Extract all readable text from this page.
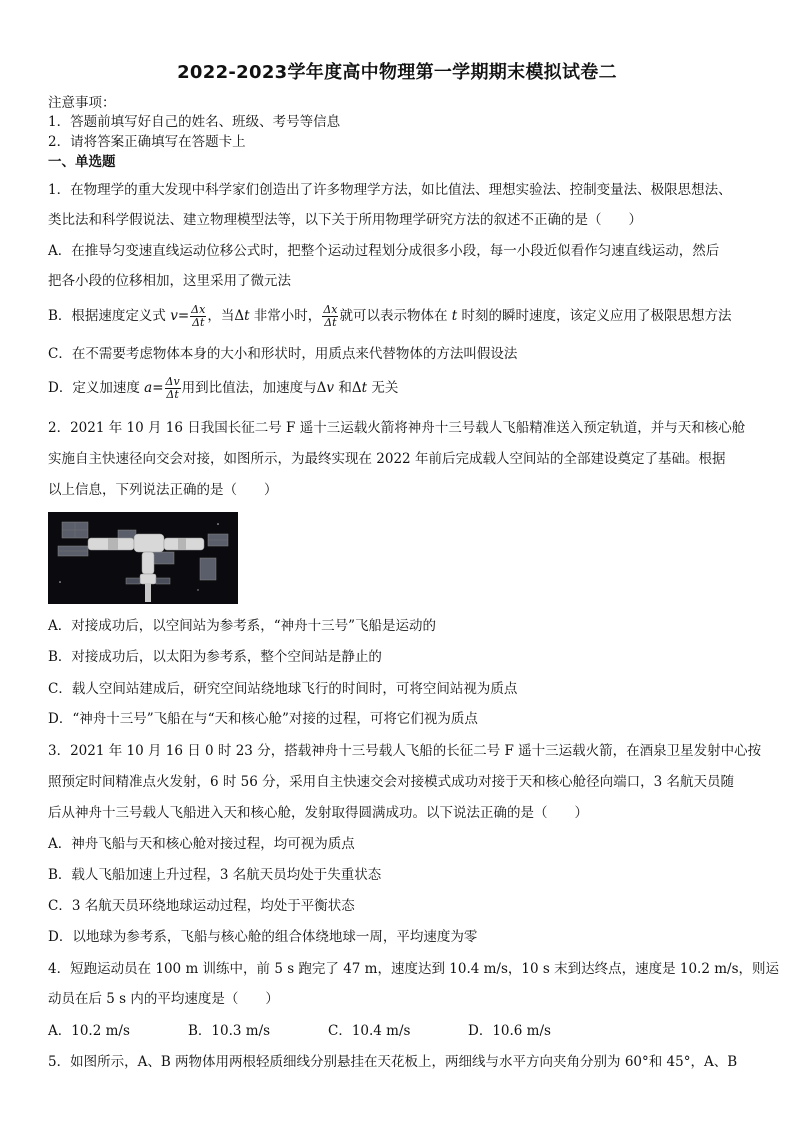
2022-2023学年度高中物理第一学期期末模拟试卷二
注意事项：
1．答题前填写好自己的姓名、班级、考号等信息
2．请将答案正确填写在答题卡上
一、单选题
1．在物理学的重大发现中科学家们创造出了许多物理学方法，如比值法、理想实验法、控制变量法、极限思想法、
类比法和科学假说法、建立物理模型法等，以下关于所用物理学研究方法的叙述不正确的是（　　）
A．在推导匀变速直线运动位移公式时，把整个运动过程划分成很多小段，每一小段近似看作匀速直线运动，然后
把各小段的位移相加，这里采用了微元法
B．根据速度定义式 $v= \frac{\Delta x}{\Delta t}$ ，当Δt 非常小时， $\frac{\Delta x}{\Delta t}$ 就可以表示物体在 t 时刻的瞬时速度，该定义应用了极限思想方法
C．在不需要考虑物体本身的大小和形状时，用质点来代替物体的方法叫假设法
D．定义加速度 $a= \frac{\Delta v}{\Delta t}$ 用到比值法，加速度与Δv 和Δt 无关
2．2021 年 10 月 16 日我国长征二号 F 遥十三运载火箭将神舟十三号载人飞船精准送入预定轨道，并与天和核心舱
实施自主快速径向交会对接，如图所示，为最终实现在 2022 年前后完成载人空间站的全部建设奠定了基础。根据
以上信息，下列说法正确的是（　　）
A．对接成功后，以空间站为参考系，“神舟十三号”飞船是运动的
B．对接成功后，以太阳为参考系，整个空间站是静止的
C．载人空间站建成后，研究空间站绕地球飞行的时间时，可将空间站视为质点
D．“神舟十三号”飞船在与“天和核心舱”对接的过程，可将它们视为质点
3．2021 年 10 月 16 日 0 时 23 分，搭载神舟十三号载人飞船的长征二号 F 遥十三运载火箭，在酒泉卫星发射中心按
照预定时间精准点火发射，6 时 56 分，采用自主快速交会对接模式成功对接于天和核心舱径向端口，3 名航天员随
后从神舟十三号载人飞船进入天和核心舱，发射取得圆满成功。以下说法正确的是（　　）
A．神舟飞船与天和核心舱对接过程，均可视为质点
B．载人飞船加速上升过程，3 名航天员均处于失重状态
C．3 名航天员环绕地球运动过程，均处于平衡状态
D．以地球为参考系，飞船与核心舱的组合体绕地球一周，平均速度为零
4．短跑运动员在 100 m 训练中，前 5 s 跑完了 47 m，速度达到 10.4 m/s，10 s 末到达终点，速度是 10.2 m/s，则运
动员在后 5 s 内的平均速度是（　　）
A．10.2 m/s	B．10.3 m/s	C．10.4 m/s	D．10.6 m/s
5．如图所示，A、B 两物体用两根轻质细线分别悬挂在天花板上，两细线与水平方向夹角分别为 60°和 45°，A、B
